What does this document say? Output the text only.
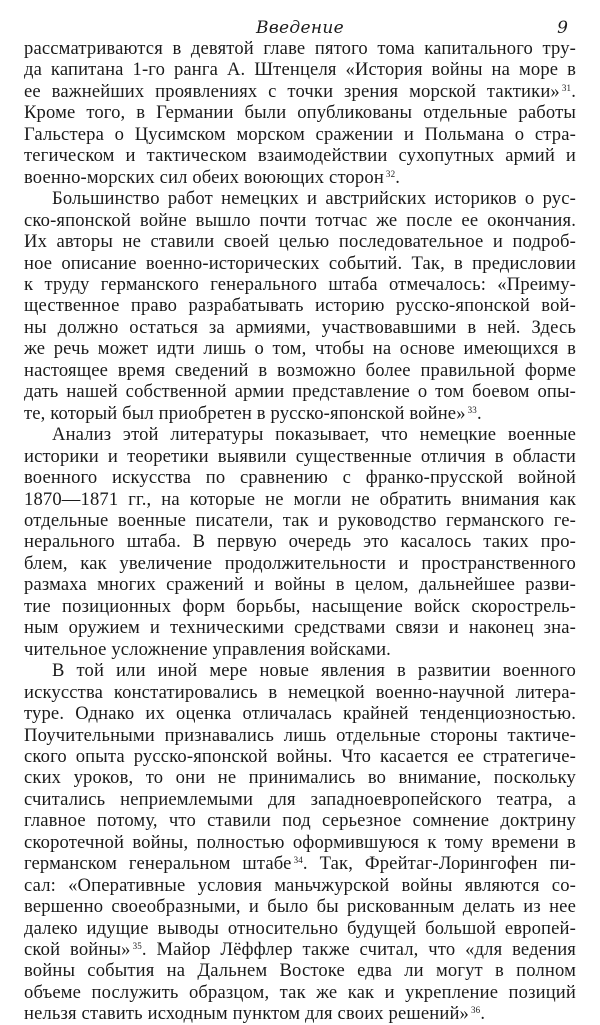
Введение	9
рассматриваются в девятой главе пятого тома капитального тру-
да капитана 1-го ранга А. Штенцеля «История войны на море в
ее важнейших проявлениях с точки зрения морской тактики» $^{31}$.
Кроме того, в Германии были опубликованы отдельные работы
Гальстера о Цусимском морском сражении и Польмана о стра-
тегическом и тактическом взаимодействии сухопутных армий и
военно-морских сил обеих воюющих сторон $^{32}$.
Большинство работ немецких и австрийских историков о рус-
ско-японской войне вышло почти тотчас же после ее окончания.
Их авторы не ставили своей целью последовательное и подроб-
ное описание военно-исторических событий. Так, в предисловии
к труду германского генерального штаба отмечалось: «Преиму-
щественное право разрабатывать историю русско-японской вой-
ны должно остаться за армиями, участвовавшими в ней. Здесь
же речь может идти лишь о том, чтобы на основе имеющихся в
настоящее время сведений в возможно более правильной форме
дать нашей собственной армии представление о том боевом опы-
те, который был приобретен в русско-японской войне» $^{33}$.
Анализ этой литературы показывает, что немецкие военные
историки и теоретики выявили существенные отличия в области
военного искусства по сравнению с франко-прусской войной
1870—1871 гг., на которые не могли не обратить внимания как
отдельные военные писатели, так и руководство германского ге-
нерального штаба. В первую очередь это касалось таких про-
блем, как увеличение продолжительности и пространственного
размаха многих сражений и войны в целом, дальнейшее разви-
тие позиционных форм борьбы, насыщение войск скорострель-
ным оружием и техническими средствами связи и наконец зна-
чительное усложнение управления войсками.
В той или иной мере новые явления в развитии военного
искусства констатировались в немецкой военно-научной литера-
туре. Однако их оценка отличалась крайней тенденциозностью.
Поучительными признавались лишь отдельные стороны тактиче-
ского опыта русско-японской войны. Что касается ее стратегиче-
ских уроков, то они не принимались во внимание, поскольку
считались неприемлемыми для западноевропейского театра, а
главное потому, что ставили под серьезное сомнение доктрину
скоротечной войны, полностью оформившуюся к тому времени в
германском генеральном штабе $^{34}$. Так, Фрейтаг-Лорингофен пи-
сал: «Оперативные условия маньчжурской войны являются со-
вершенно своеобразными, и было бы рискованным делать из нее
далеко идущие выводы относительно будущей большой европей-
ской войны» $^{35}$. Майор Лёффлер также считал, что «для ведения
войны события на Дальнем Востоке едва ли могут в полном
объеме послужить образцом, так же как и укрепление позиций
нельзя ставить исходным пунктом для своих решений» $^{36}$.
